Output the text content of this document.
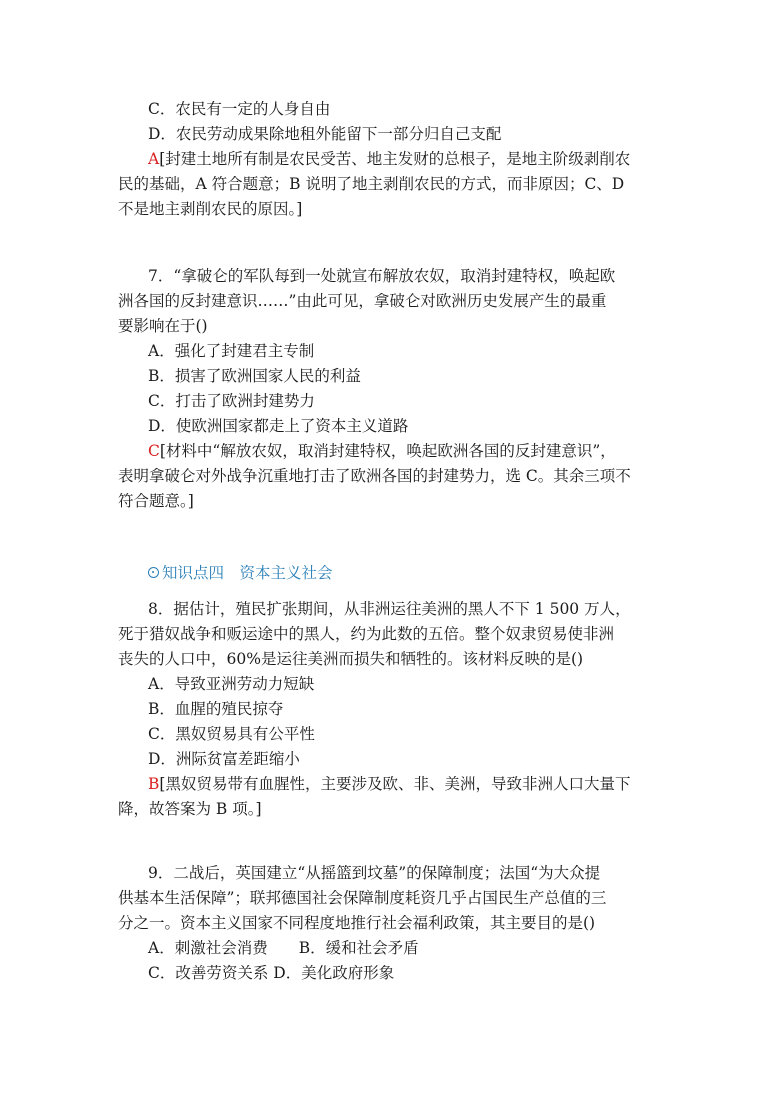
C．农民有一定的人身自由
D．农民劳动成果除地租外能留下一部分归自己支配
A[封建土地所有制是农民受苦、地主发财的总根子，是地主阶级剥削农
民的基础，A 符合题意；B 说明了地主剥削农民的方式，而非原因；C、D
不是地主剥削农民的原因。]
7．“拿破仑的军队每到一处就宣布解放农奴，取消封建特权，唤起欧
洲各国的反封建意识……”由此可见，拿破仑对欧洲历史发展产生的最重
要影响在于()
A．强化了封建君主专制
B．损害了欧洲国家人民的利益
C．打击了欧洲封建势力
D．使欧洲国家都走上了资本主义道路
C[材料中“解放农奴，取消封建特权，唤起欧洲各国的反封建意识”，
表明拿破仑对外战争沉重地打击了欧洲各国的封建势力，选 C。其余三项不
符合题意。]
知识点四　资本主义社会
8．据估计，殖民扩张期间，从非洲运往美洲的黑人不下 1 500 万人，
死于猎奴战争和贩运途中的黑人，约为此数的五倍。整个奴隶贸易使非洲
丧失的人口中，60%是运往美洲而损失和牺牲的。该材料反映的是()
A．导致亚洲劳动力短缺
B．血腥的殖民掠夺
C．黑奴贸易具有公平性
D．洲际贫富差距缩小
B[黑奴贸易带有血腥性，主要涉及欧、非、美洲，导致非洲人口大量下
降，故答案为 B 项。]
9．二战后，英国建立“从摇篮到坟墓”的保障制度；法国“为大众提
供基本生活保障”；联邦德国社会保障制度耗资几乎占国民生产总值的三
分之一。资本主义国家不同程度地推行社会福利政策，其主要目的是()
A．刺激社会消费　　B．缓和社会矛盾
C．改善劳资关系 D．美化政府形象
